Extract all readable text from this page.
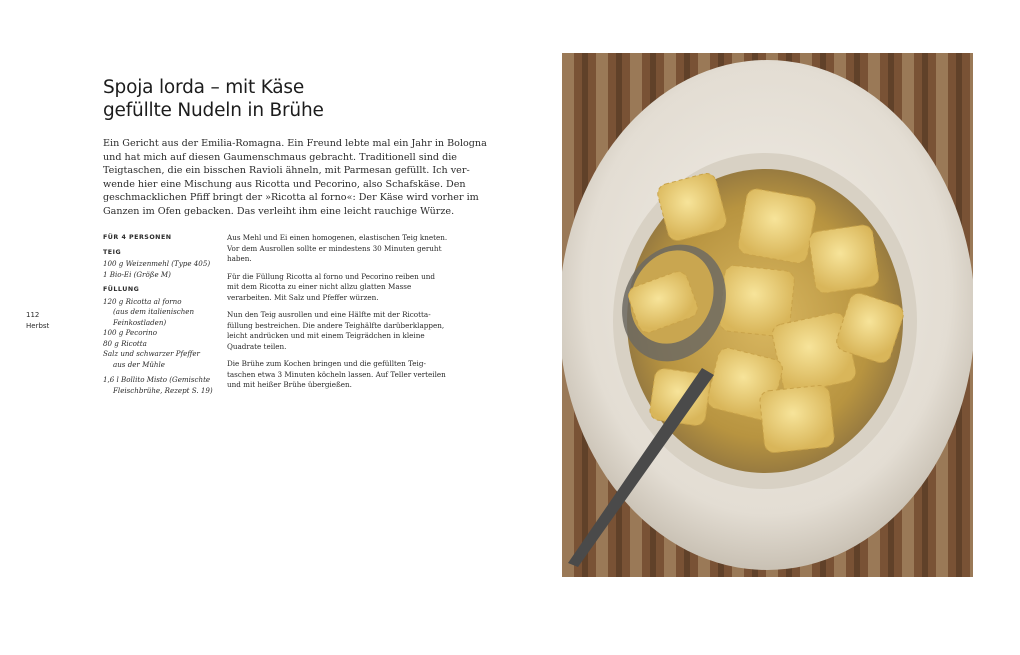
Spoja lorda – mit Käse
gefüllte Nudeln in Brühe
Ein Gericht aus der Emilia-Romagna. Ein Freund lebte mal ein Jahr in Bologna
und hat mich auf diesen Gaumenschmaus gebracht. Traditionell sind die
Teigtaschen, die ein bisschen Ravioli ähneln, mit Parmesan gefüllt. Ich ver-
wende hier eine Mischung aus Ricotta und Pecorino, also Schafskäse. Den
geschmacklichen Pfiff bringt der »Ricotta al forno«: Der Käse wird vorher im
Ganzen im Ofen gebacken. Das verleiht ihm eine leicht rauchige Würze.
FÜR 4 PERSONEN
TEIG
100 g Weizenmehl (Type 405)
1 Bio-Ei (Größe M)
FÜLLUNG
120 g Ricotta al forno
(aus dem italienischen
Feinkostladen)
100 g Pecorino
80 g Ricotta
Salz und schwarzer Pfeffer
aus der Mühle
1,6 l Bollito Misto (Gemischte
Fleischbrühe, Rezept S. 19)

Aus Mehl und Ei einen homogenen, elastischen Teig kneten.
Vor dem Ausrollen sollte er mindestens 30 Minuten geruht
haben.

Für die Füllung Ricotta al forno und Pecorino reiben und
mit dem Ricotta zu einer nicht allzu glatten Masse
verarbeiten. Mit Salz und Pfeffer würzen.

Nun den Teig ausrollen und eine Hälfte mit der Ricotta-
füllung bestreichen. Die andere Teighälfte darüberklappen,
leicht andrücken und mit einem Teigrädchen in kleine
Quadrate teilen.

Die Brühe zum Kochen bringen und die gefüllten Teig-
taschen etwa 3 Minuten köcheln lassen. Auf Teller verteilen
und mit heißer Brühe übergießen.

112
Herbst
